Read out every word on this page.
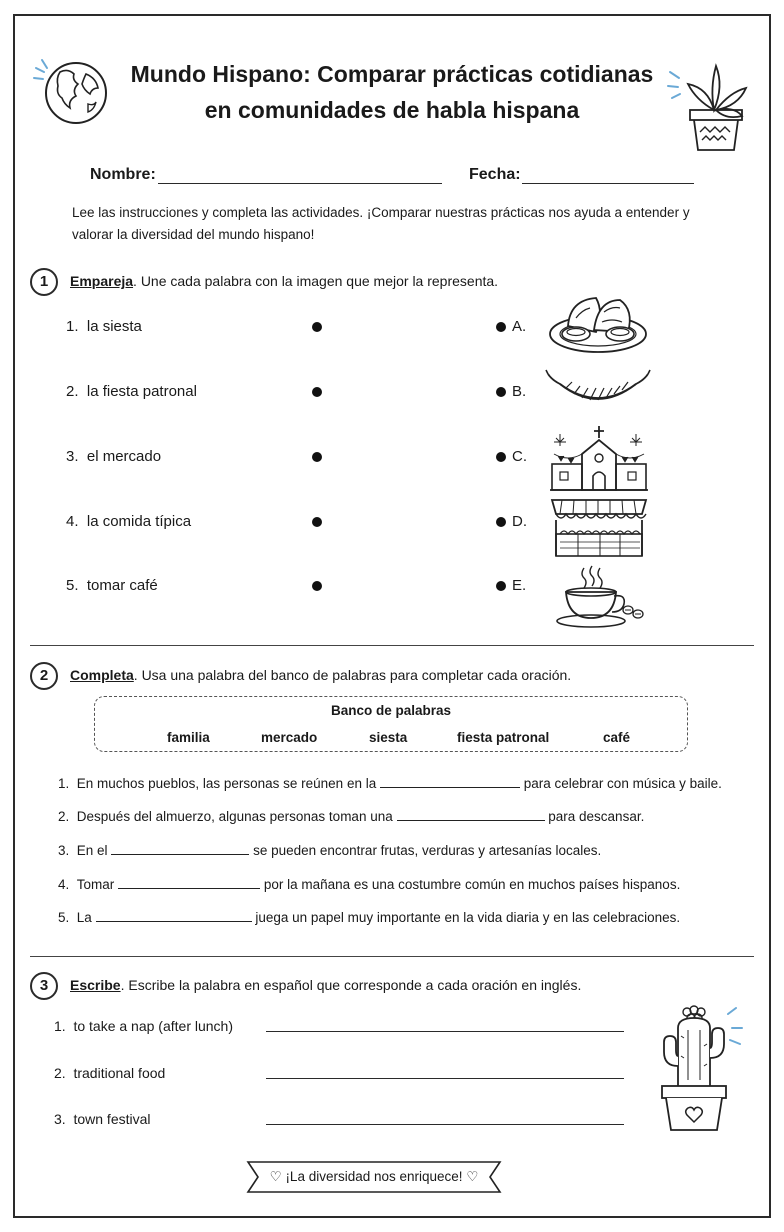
Mundo Hispano: Comparar prácticas cotidianas
en comunidades de habla hispana
Nombre:	Fecha:
Lee las instrucciones y completa las actividades. ¡Comparar nuestras prácticas nos ayuda a entender y valorar la diversidad del mundo hispano!
1	Empareja. Une cada palabra con la imagen que mejor la representa.
1. la siesta
2. la fiesta patronal
3. el mercado
4. la comida típica
5. tomar café
A.
B.
C.
D.
E.
2	Completa. Usa una palabra del banco de palabras para completar cada oración.
Banco de palabras
familia	mercado	siesta	fiesta patronal	café
1. En muchos pueblos, las personas se reúnen en la	para celebrar con música y baile.
2. Después del almuerzo, algunas personas toman una	para descansar.
3. En el	se pueden encontrar frutas, verduras y artesanías locales.
4. Tomar	por la mañana es una costumbre común en muchos países hispanos.
5. La	juega un papel muy importante en la vida diaria y en las celebraciones.
3	Escribe. Escribe la palabra en español que corresponde a cada oración en inglés.
1. to take a nap (after lunch)
2. traditional food
3. town festival
♡ ¡La diversidad nos enriquece! ♡
